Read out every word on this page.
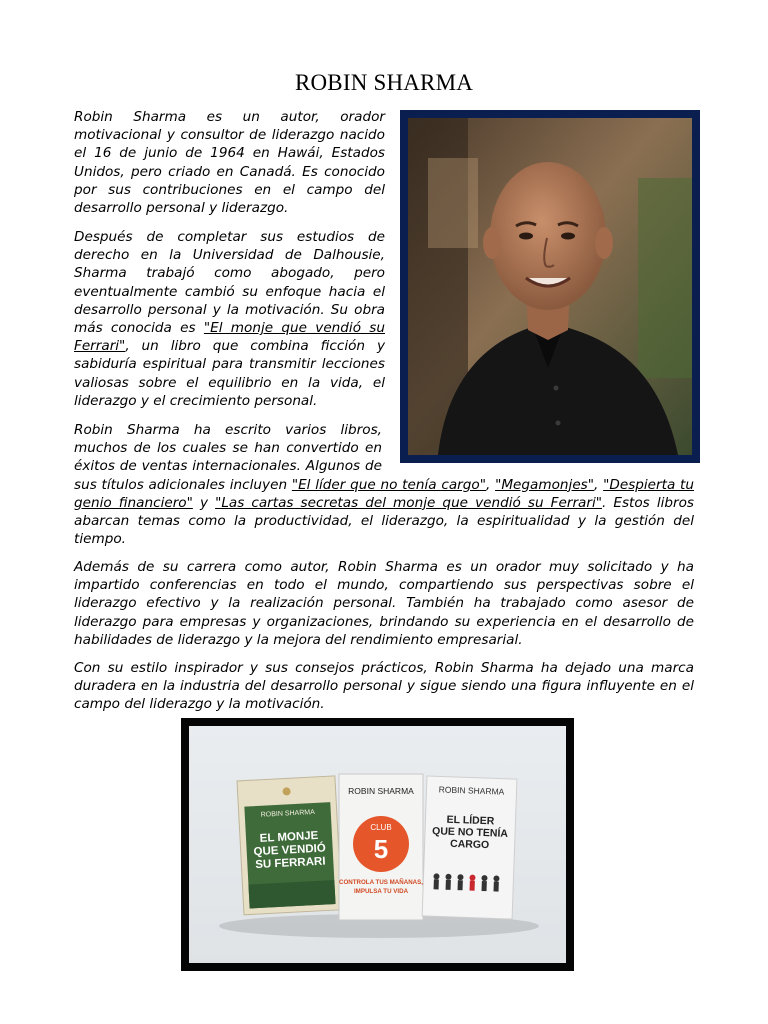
ROBIN SHARMA

Robin Sharma es un autor, orador motivacional y consultor de liderazgo nacido el 16 de junio de 1964 en Hawái, Estados Unidos, pero criado en Canadá. Es conocido por sus contribuciones en el campo del desarrollo personal y liderazgo.

Después de completar sus estudios de derecho en la Universidad de Dalhousie, Sharma trabajó como abogado, pero eventualmente cambió su enfoque hacia el desarrollo personal y la motivación. Su obra más conocida es "El monje que vendió su Ferrari", un libro que combina ficción y sabiduría espiritual para transmitir lecciones valiosas sobre el equilibrio en la vida, el liderazgo y el crecimiento personal.

Robin Sharma ha escrito varios libros, muchos de los cuales se han convertido en éxitos de ventas internacionales. Algunos de sus títulos adicionales incluyen "El líder que no tenía cargo", "Megamonjes", "Despierta tu genio financiero" y "Las cartas secretas del monje que vendió su Ferrari". Estos libros abarcan temas como la productividad, el liderazgo, la espiritualidad y la gestión del tiempo.

Además de su carrera como autor, Robin Sharma es un orador muy solicitado y ha impartido conferencias en todo el mundo, compartiendo sus perspectivas sobre el liderazgo efectivo y la realización personal. También ha trabajado como asesor de liderazgo para empresas y organizaciones, brindando su experiencia en el desarrollo de habilidades de liderazgo y la mejora del rendimiento empresarial.

Con su estilo inspirador y sus consejos prácticos, Robin Sharma ha dejado una marca duradera en la industria del desarrollo personal y sigue siendo una figura influyente en el campo del liderazgo y la motivación.

ROBIN SHARMA
EL MONJE
QUE VENDIÓ
SU FERRARI
ROBIN SHARMA
CLUB
5
CONTROLA TUS MAÑANAS,
IMPULSA TU VIDA
ROBIN SHARMA
EL LÍDER
QUE NO TENÍA
CARGO
